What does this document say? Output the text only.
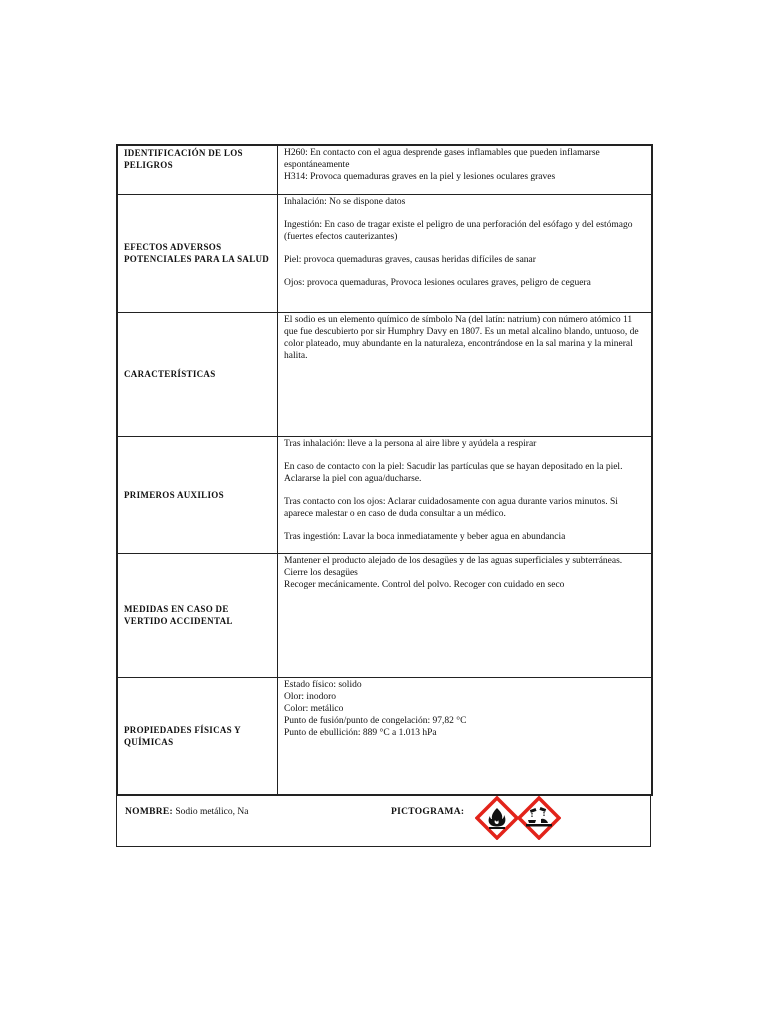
IDENTIFICACIÓN DE LOS PELIGROS	H260: En contacto con el agua desprende gases inflamables que pueden inflamarse espontáneamente

H314: Provoca quemaduras graves en la piel y lesiones oculares graves

EFECTOS ADVERSOS POTENCIALES PARA LA SALUD	Inhalación: No se dispone datos

Ingestión: En caso de tragar existe el peligro de una perforación del esófago y del estómago (fuertes efectos cauterizantes)

Piel: provoca quemaduras graves, causas heridas difíciles de sanar

Ojos: provoca quemaduras, Provoca lesiones oculares graves, peligro de ceguera

CARACTERÍSTICAS	El sodio es un elemento químico de símbolo Na (del latín: natrium) con número atómico 11 que fue descubierto por sir Humphry Davy en 1807. Es un metal alcalino blando, untuoso, de color plateado, muy abundante en la naturaleza, encontrándose en la sal marina y la mineral halita.

PRIMEROS AUXILIOS	Tras inhalación: lleve a la persona al aire libre y ayúdela a respirar

En caso de contacto con la piel: Sacudir las partículas que se hayan depositado en la piel. Aclararse la piel con agua/ducharse.

Tras contacto con los ojos: Aclarar cuidadosamente con agua durante varios minutos. Si aparece malestar o en caso de duda consultar a un médico.

Tras ingestión: Lavar la boca inmediatamente y beber agua en abundancia

MEDIDAS EN CASO DE VERTIDO ACCIDENTAL	Mantener el producto alejado de los desagües y de las aguas superficiales y subterráneas.

Cierre los desagües

Recoger mecánicamente. Control del polvo. Recoger con cuidado en seco

PROPIEDADES FÍSICAS Y QUÍMICAS	Estado físico: solido

Olor: inodoro

Color: metálico

Punto de fusión/punto de congelación: 97,82 °C

Punto de ebullición: 889 °C a 1.013 hPa

NOMBRE: Sodio metálico, Na	PICTOGRAMA:
